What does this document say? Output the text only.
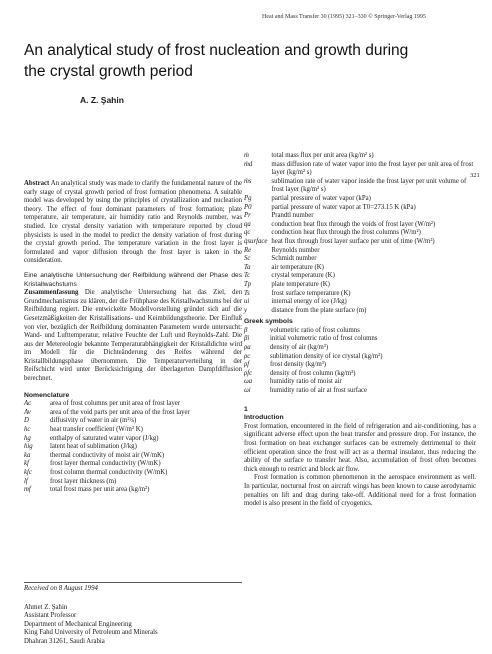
Heat and Mass Transfer 30 (1995) 321–330 © Springer-Verlag 1995
An analytical study of frost nucleation and growth during
the crystal growth period
A. Z. Şahin
321

Abstract An analytical study was made to clarify the fundamental nature of the early stage of crystal growth period of frost formation phenomena. A suitable model was developed by using the principles of crystallization and nucleation theory. The effect of four dominant parameters of frost formation; plate temperature, air temperature, air humidity ratio and Reynolds number, was studied. Ice crystal density variation with temperature reported by cloud physicists is used in the model to predict the density variation of frost during the crystal growth period. The temperature variation in the frost layer is formulated and vapor diffusion through the frost layer is taken in the consideration.

Eine analytische Untersuchung der Reifbildung während der Phase des Kristallwachstums

Zusammenfassung Die analytische Untersuchung hat das Ziel, den Grundmechanismus zu klären, der die Frühphase des Kristallwachstums bei der Reifbildung regiert. Die entwickelte Modellvorstellung gründet sich auf die Gesetzmäßigkeiten der Kristallisations- und Keimbildungstheorie. Der Einfluß von vier, bezüglich der Reifbildung dominanten Parametern wurde untersucht: Wand- und Lufttemperatur, relative Feuchte der Luft und Reynolds-Zahl. Die aus der Metereologie bekannte Temperaturabhängigkeit der Kristalldichte wird im Modell für die Dichteänderung des Reifes während der Kristallbildungsphase übernommen. Die Temperaturverteilung in der Reifschicht wird unter Berücksichtigung der überlagerten Dampfdiffusion berechnet.

Nomenclature

Ac	area of frost columns per unit area of frost layer
Av	area of the void parts per unit area of the frost layer
D	diffusivity of water in air (m²/s)
hc	heat transfer coefficient (W/m² K)
hg	enthalpy of saturated water vapor (J/kg)
hig	latent heat of sublimation (J/kg)
ka	thermal conductivity of moist air (W/mK)
kf	frost layer thermal conductivity (W/mK)
kfc	frost column thermal conductivity (W/mK)
lf	frost layer thickness (m)
mf	total frost mass per unit area (kg/m²)
Received on 8 August 1994
Ahmet Z. Şahin
Assistant Professor
Department of Mechanical Engineering
King Fahd University of Petroleum and Minerals
Dhahran 31261, Saudi Arabia
ṁ	total mass flux per unit area (kg/m² s)
ṁd	mass diffusion rate of water vapor into the frost layer per unit area of frost layer (kg/m² s)
ṁs	sublimation rate of water vapor inside the frost layer per unit volume of frost layer (kg/m³ s)
Pg	partial pressure of water vapor (kPa)
P0	partial pressure of water vapor at T0=273.15 K (kPa)
Pr	Prandtl number
qa	conduction heat flux through the voids of frost layer (W/m²)
qc	conduction heat flux through the frost columns (W/m²)
q̇surface	heat flux through frost layer surface per unit of time (W/m²)
Re	Reynolds number
Sc	Schmidt number
Ta	air temperature (K)
Tc	crystal temperature (K)
Tp	plate temperature (K)
Ts	frost surface temperature (K)
ui	internal energy of ice (J/kg)
y	distance from the plate surface (m)
Greek symbols
β	volumetric ratio of frost columns
βi	initial volumetric ratio of frost columns
ρa	density of air (kg/m³)
ρc	sublimation density of ice crystal (kg/m³)
ρf	frost density (kg/m³)
ρfc	density of frost column (kg/m³)
ωa	humidity ratio of moist air
ωi	humidity ratio of air at frost surface
1
Introduction

Frost formation, encountered in the field of refrigeration and air-conditioning, has a significant adverse effect upon the heat transfer and pressure drop. For instance, the frost formation on heat exchanger surfaces can be extremely detrimental to their efficient operation since the frost will act as a thermal insulator, thus reducing the ability of the surface to transfer heat. Also, accumulation of frost often becomes thick enough to restrict and block air flow.

Frost formation is common phenomenon in the aerospace environment as well. In particular, nocturnal frost on aircraft wings has been known to cause aerodynamic penalties on lift and drag during take-off. Additional need for a frost formation model is also present in the field of cryogenics.
